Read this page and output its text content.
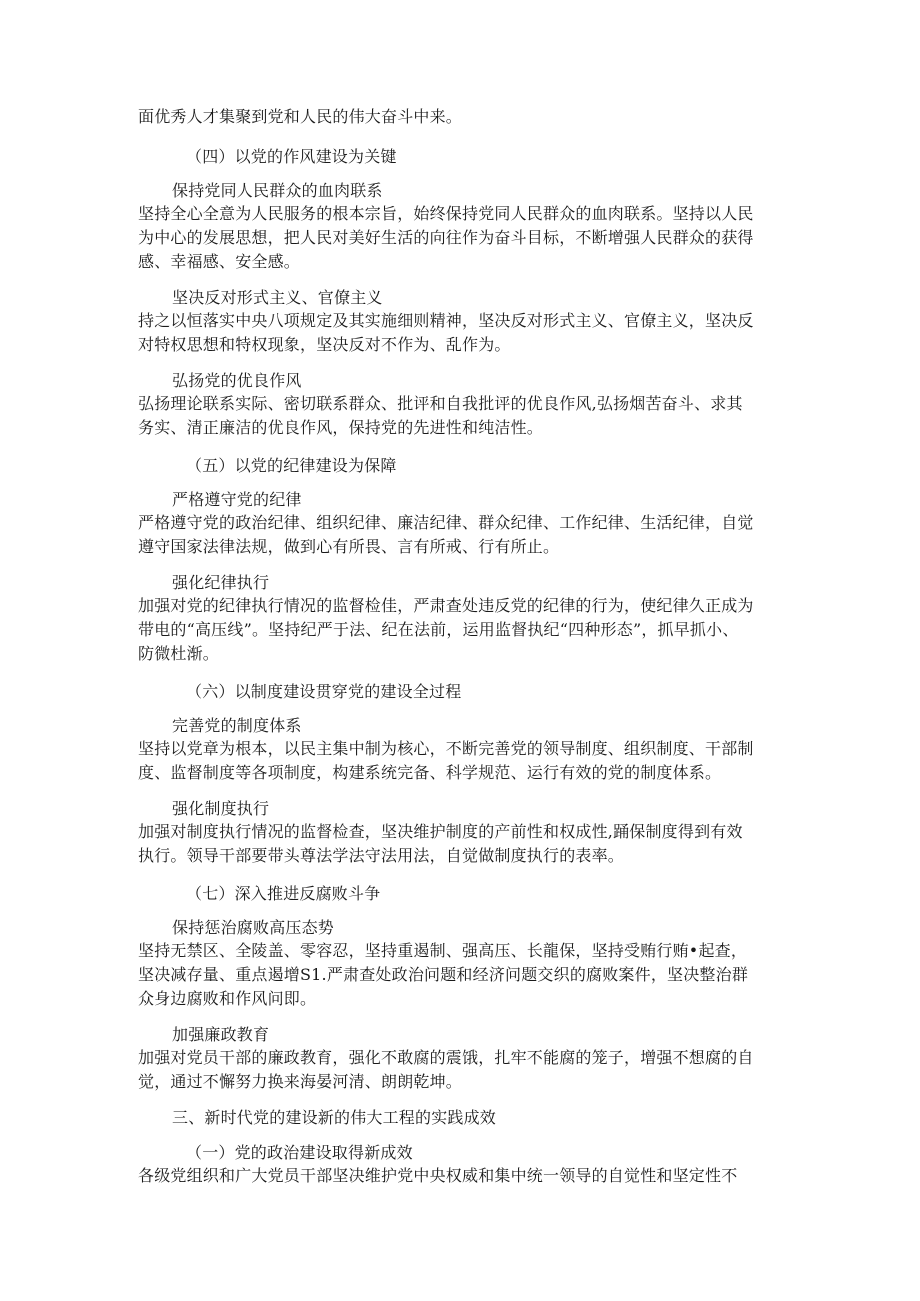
面优秀人才集聚到党和人民的伟大奋斗中来。
（四）以党的作风建设为关键
保持党同人民群众的血肉联系
坚持全心全意为人民服务的根本宗旨，始终保持党同人民群众的血肉联系。坚持以人民
为中心的发展思想，把人民对美好生活的向往作为奋斗目标，不断增强人民群众的获得
感、幸福感、安全感。
坚决反对形式主义、官僚主义
持之以恒落实中央八项规定及其实施细则精神，坚决反对形式主义、官僚主义，坚决反
对特权思想和特权现象，坚决反对不作为、乱作为。
弘扬党的优良作风
弘扬理论联系实际、密切联系群众、批评和自我批评的优良作风,弘扬烟苦奋斗、求其
务实、清正廉洁的优良作风，保持党的先进性和纯洁性。
（五）以党的纪律建设为保障
严格遵守党的纪律
严格遵守党的政治纪律、组织纪律、廉洁纪律、群众纪律、工作纪律、生活纪律，自觉
遵守国家法律法规，做到心有所畏、言有所戒、行有所止。
强化纪律执行
加强对党的纪律执行情况的监督检佳，严肃查处违反党的纪律的行为，使纪律久正成为
带电的“高压线”。坚持纪严于法、纪在法前，运用监督执纪“四种形态”，抓早抓小、
防微杜渐。
（六）以制度建设贯穿党的建设全过程
完善党的制度体系
坚持以党章为根本，以民主集中制为核心，不断完善党的领导制度、组织制度、干部制
度、监督制度等各项制度，构建系统完备、科学规范、运行有效的党的制度体系。
强化制度执行
加强对制度执行情况的监督检查，坚决维护制度的产前性和权成性,踊保制度得到有效
执行。领导干部要带头尊法学法守法用法，自觉做制度执行的表率。
（七）深入推进反腐败斗争
保持惩治腐败高压态势
坚持无禁区、全陵盖、零容忍，坚持重遏制、强高压、长龍保，坚持受贿行贿•起查，
坚决减存量、重点遏增S1.严肃查处政治问题和经济问题交织的腐败案件，坚决整治群
众身边腐败和作风问即。
加强廉政教育
加强对党员干部的廉政教育，强化不敢腐的震饿，扎牢不能腐的笼子，增强不想腐的自
觉，通过不懈努力换来海晏河清、朗朗乾坤。
三、新时代党的建设新的伟大工程的实践成效
（一）党的政治建设取得新成效
各级党组织和广大党员干部坚决维护党中央权威和集中统一领导的自觉性和坚定性不
